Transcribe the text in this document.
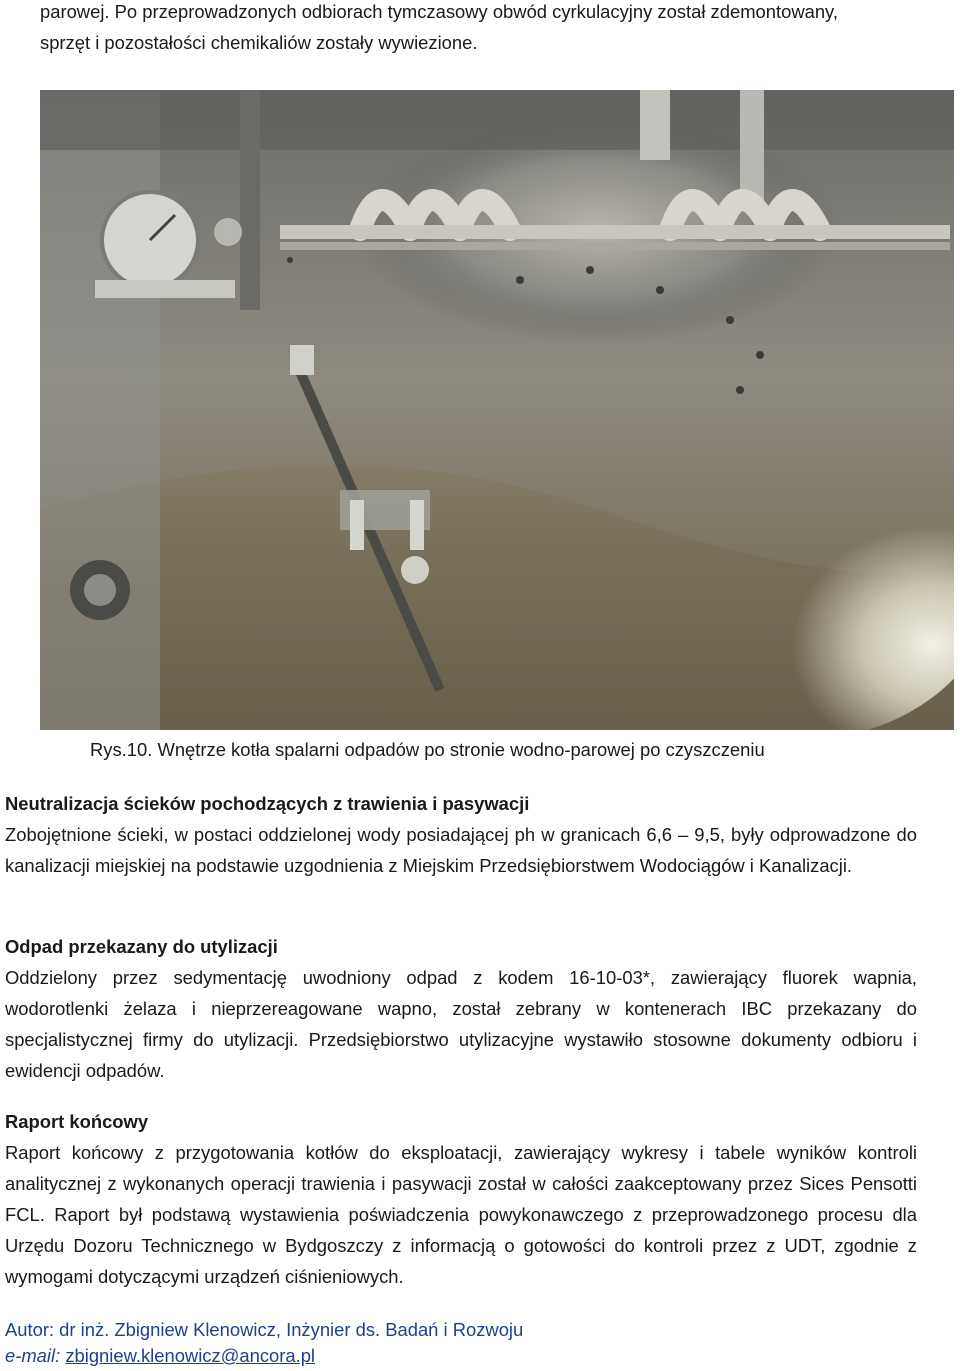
parowej. Po przeprowadzonych odbiorach tymczasowy obwód cyrkulacyjny został zdemontowany,
sprzęt i pozostałości chemikaliów zostały wywiezione.

Rys.10. Wnętrze kotła spalarni odpadów po stronie wodno-parowej po czyszczeniu
Neutralizacja ścieków pochodzących z trawienia i pasywacji
Zobojętnione ścieki, w postaci oddzielonej wody posiadającej ph w granicach 6,6 – 9,5, były odprowadzone do kanalizacji miejskiej na podstawie uzgodnienia z Miejskim Przedsiębiorstwem Wodociągów i Kanalizacji.
Odpad przekazany do utylizacji
Oddzielony przez sedymentację uwodniony odpad z kodem 16-10-03*, zawierający fluorek wapnia, wodorotlenki żelaza i nieprzereagowane wapno, został zebrany w kontenerach IBC przekazany do specjalistycznej firmy do utylizacji. Przedsiębiorstwo utylizacyjne wystawiło stosowne dokumenty odbioru i ewidencji odpadów.
Raport końcowy
Raport końcowy z przygotowania kotłów do eksploatacji, zawierający wykresy i tabele wyników kontroli analitycznej z wykonanych operacji trawienia i pasywacji został w całości zaakceptowany przez Sices Pensotti FCL. Raport był podstawą wystawienia poświadczenia powykonawczego z przeprowadzonego procesu dla Urzędu Dozoru Technicznego w Bydgoszczy z informacją o gotowości do kontroli przez z UDT, zgodnie z wymogami dotyczącymi urządzeń ciśnieniowych.
Autor: dr inż. Zbigniew Klenowicz, Inżynier ds. Badań i Rozwoju
e-mail: zbigniew.klenowicz@ancora.pl
